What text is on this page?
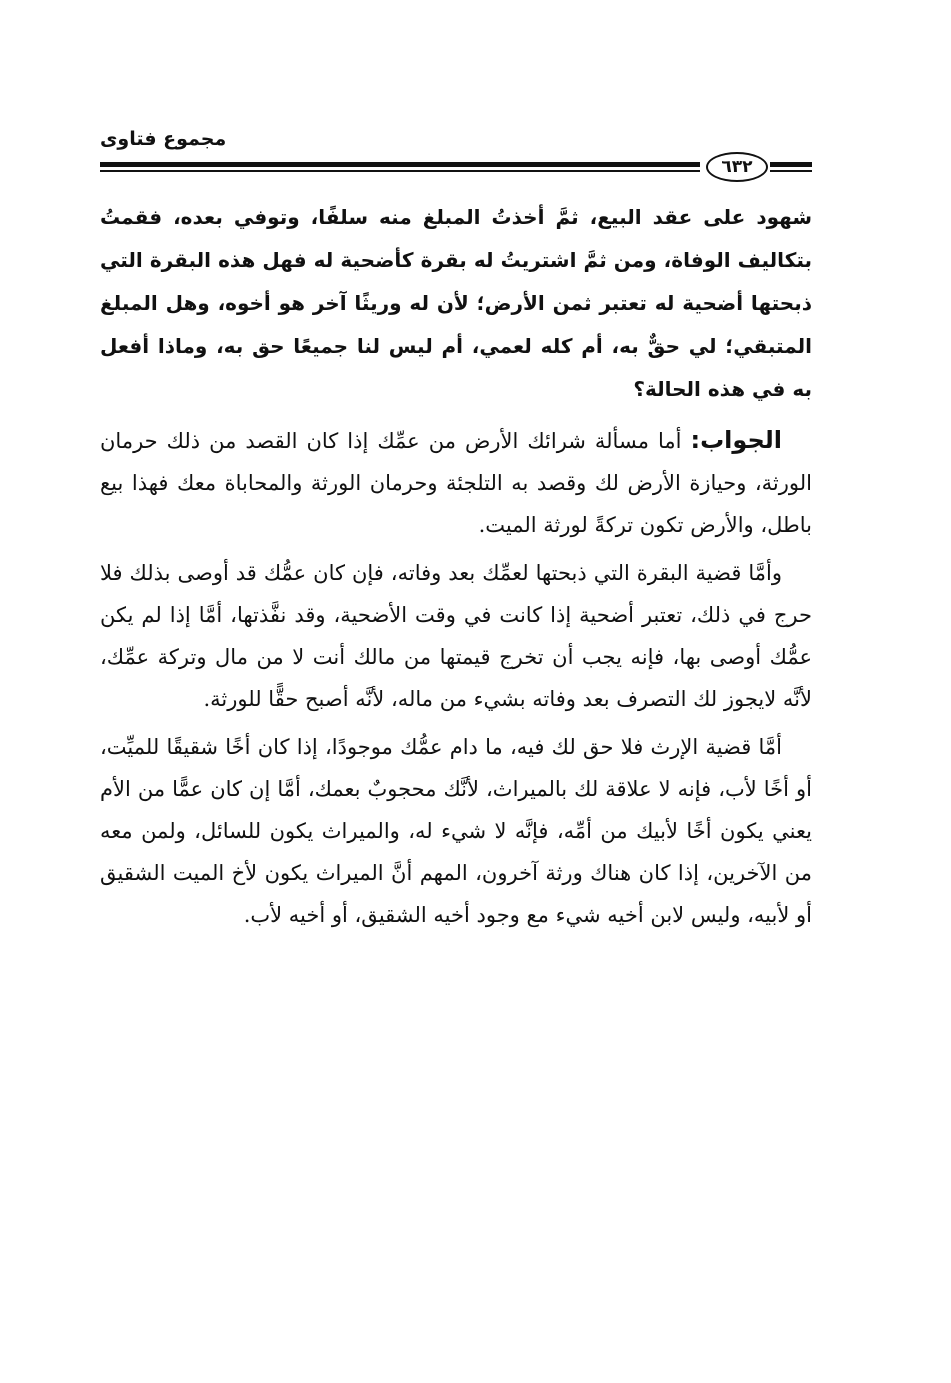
مجموع فتاوى
٦٣٢

شهود على عقد البيع، ثمَّ أخذتُ المبلغ منه سلفًا، وتوفي بعده، فقمتُ بتكاليف الوفاة، ومن ثمَّ اشتريتُ له بقرة كأضحية له فهل هذه البقرة التي ذبحتها أضحية له تعتبر ثمن الأرض؛ لأن له وريثًا آخر هو أخوه، وهل المبلغ المتبقي؛ لي حقٌّ به، أم كله لعمي، أم ليس لنا جميعًا حق به، وماذا أفعل به في هذه الحالة؟

الجواب: أما مسألة شرائك الأرض من عمِّك إذا كان القصد من ذلك حرمان الورثة، وحيازة الأرض لك وقصد به التلجئة وحرمان الورثة والمحاباة معك فهذا بيع باطل، والأرض تكون تركةً لورثة الميت.

وأمَّا قضية البقرة التي ذبحتها لعمِّك بعد وفاته، فإن كان عمُّك قد أوصى بذلك فلا حرج في ذلك، تعتبر أضحية إذا كانت في وقت الأضحية، وقد نفَّذتها، أمَّا إذا لم يكن عمُّك أوصى بها، فإنه يجب أن تخرج قيمتها من مالك أنت لا من مال وتركة عمِّك، لأنَّه لايجوز لك التصرف بعد وفاته بشيء من ماله، لأنَّه أصبح حقًّا للورثة.

أمَّا قضية الإرث فلا حق لك فيه، ما دام عمُّك موجودًا، إذا كان أخًا شقيقًا للميِّت، أو أخًا لأب، فإنه لا علاقة لك بالميراث، لأنَّك محجوبٌ بعمك، أمَّا إن كان عمًّا من الأم يعني يكون أخًا لأبيك من أمِّه، فإنَّه لا شيء له، والميراث يكون للسائل، ولمن معه من الآخرين، إذا كان هناك ورثة آخرون، المهم أنَّ الميراث يكون لأخ الميت الشقيق أو لأبيه، وليس لابن أخيه شيء مع وجود أخيه الشقيق، أو أخيه لأب.
